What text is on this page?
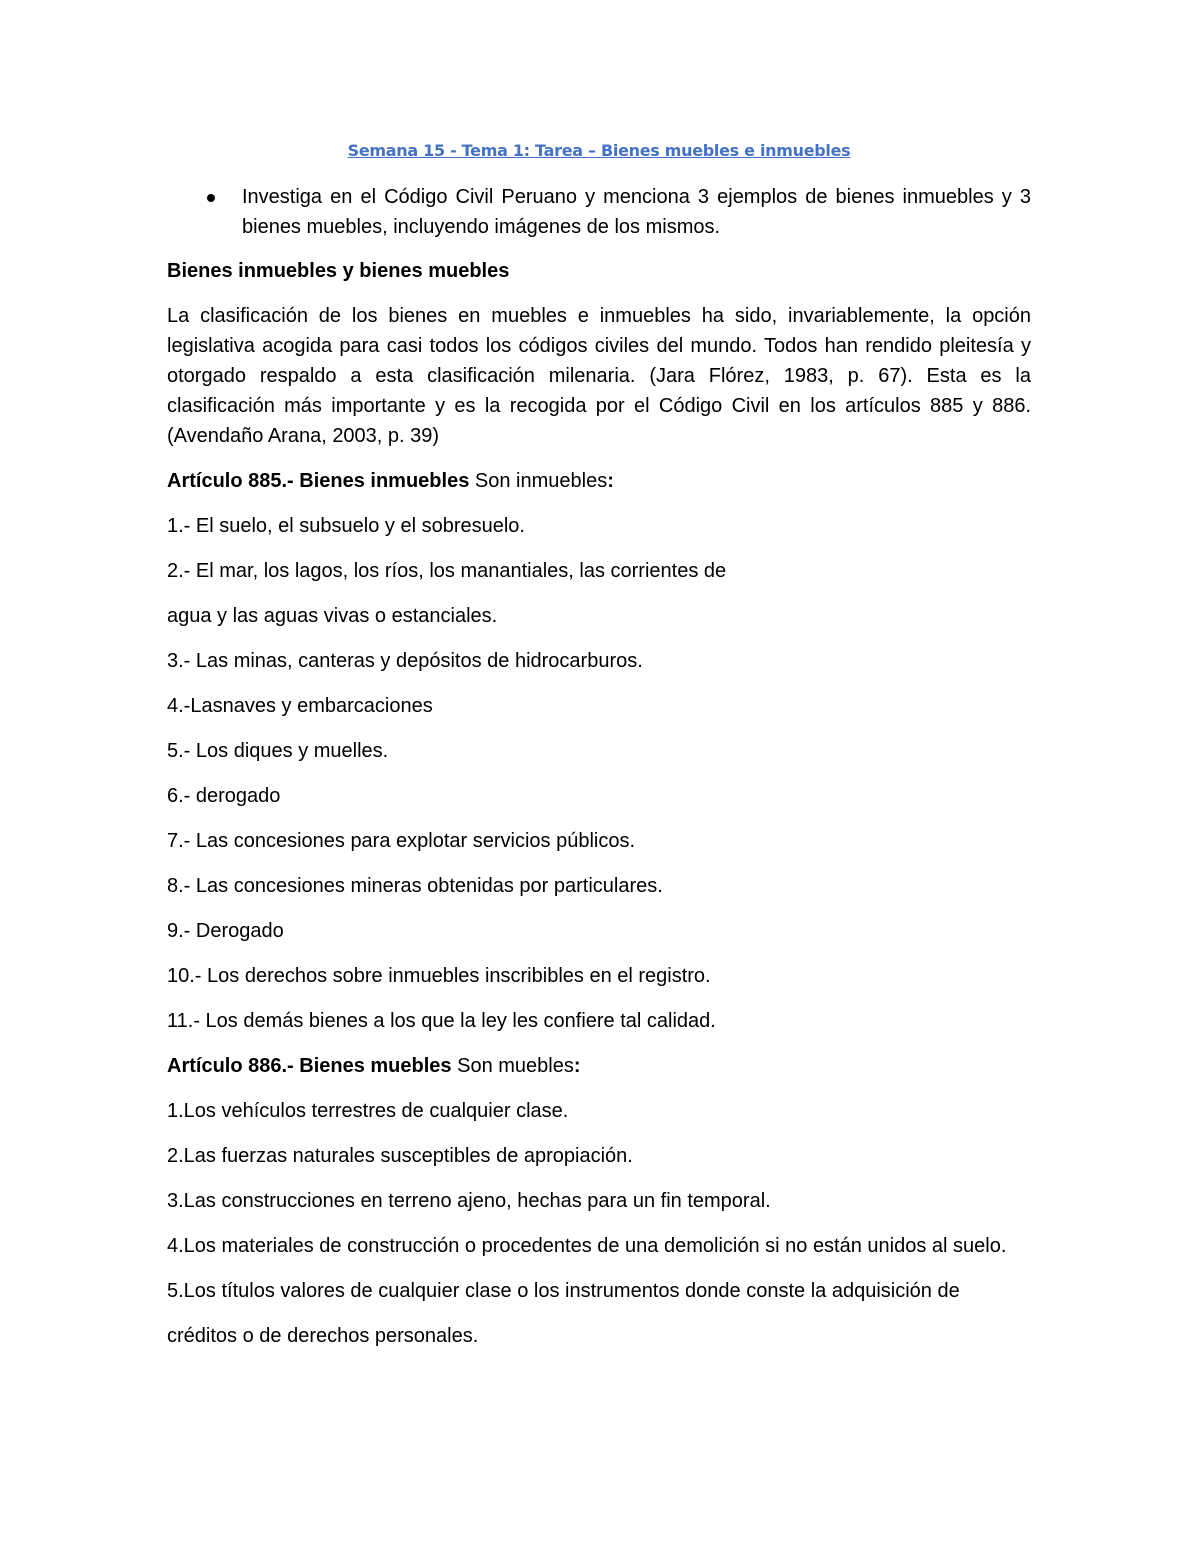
Semana 15 - Tema 1: Tarea – Bienes muebles e inmuebles
Investiga en el Código Civil Peruano y menciona 3 ejemplos de bienes inmuebles y 3 bienes muebles, incluyendo imágenes de los mismos.

Bienes inmuebles y bienes muebles

La clasificación de los bienes en muebles e inmuebles ha sido, invariablemente, la opción legislativa acogida para casi todos los códigos civiles del mundo. Todos han rendido pleitesía y otorgado respaldo a esta clasificación milenaria. (Jara Flórez, 1983, p. 67). Esta es la clasificación más importante y es la recogida por el Código Civil en los artículos 885 y 886. (Avendaño Arana, 2003, p. 39)

Artículo 885.- Bienes inmuebles Son inmuebles:

1.- El suelo, el subsuelo y el sobresuelo.

2.- El mar, los lagos, los ríos, los manantiales, las corrientes de

agua y las aguas vivas o estanciales.

3.- Las minas, canteras y depósitos de hidrocarburos.

4.-Lasnaves y embarcaciones

5.- Los diques y muelles.

6.- derogado

7.- Las concesiones para explotar servicios públicos.

8.- Las concesiones mineras obtenidas por particulares.

9.- Derogado

10.- Los derechos sobre inmuebles inscribibles en el registro.

11.- Los demás bienes a los que la ley les confiere tal calidad.

Artículo 886.- Bienes muebles Son muebles:

1.Los vehículos terrestres de cualquier clase.

2.Las fuerzas naturales susceptibles de apropiación.

3.Las construcciones en terreno ajeno, hechas para un fin temporal.

4.Los materiales de construcción o procedentes de una demolición si no están unidos al suelo.

5.Los títulos valores de cualquier clase o los instrumentos donde conste la adquisición de

créditos o de derechos personales.
